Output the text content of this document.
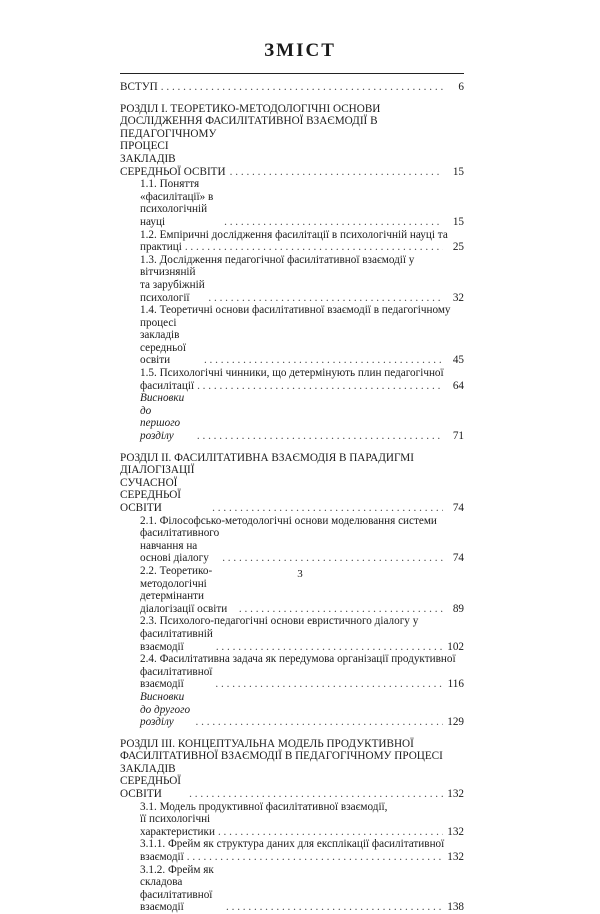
ЗМІСТ
ВСТУП . . .	6
РОЗДІЛ І. ТЕОРЕТИКО-МЕТОДОЛОГІЧНІ ОСНОВИ
ДОСЛІДЖЕННЯ ФАСИЛІТАТИВНОЇ ВЗАЄМОДІЇ В
ПЕДАГОГІЧНОМУ ПРОЦЕСІ ЗАКЛАДІВ СЕРЕДНЬОЇ ОСВІТИ . . .	15
1.1. Поняття «фасилітації» в психологічній науці . . .	15
1.2. Емпіричні дослідження фасилітації в психологічній науці та
практиці . . .	25
1.3. Дослідження педагогічної фасилітативної взаємодії у
вітчизняній та зарубіжній психології . . .	32
1.4. Теоретичні основи фасилітативної взаємодії в педагогічному
процесі закладів середньої освіти . . .	45
1.5. Психологічні чинники, що детермінують плин педагогічної
фасилітації . . .	64
Висновки до першого розділу . . .	71
РОЗДІЛ ІІ. ФАСИЛІТАТИВНА ВЗАЄМОДІЯ В ПАРАДИГМІ
ДІАЛОГІЗАЦІЇ СУЧАСНОЇ СЕРЕДНЬОЇ ОСВІТИ . . .	74
2.1. Філософсько-методологічні основи моделювання системи
фасилітативного навчання на основі діалогу . . .	74
2.2. Теоретико-методологічні детермінанти діалогізації освіти . . .	89
2.3. Психолого-педагогічні основи евристичного діалогу у
фасилітативній взаємодії . . .	102
2.4. Фасилітативна задача як передумова організації продуктивної
фасилітативної взаємодії . . .	116
Висновки до другого розділу . . .	129
РОЗДІЛ ІІІ. КОНЦЕПТУАЛЬНА МОДЕЛЬ ПРОДУКТИВНОЇ
ФАСИЛІТАТИВНОЇ ВЗАЄМОДІЇ В ПЕДАГОГІЧНОМУ ПРОЦЕСІ
ЗАКЛАДІВ СЕРЕДНЬОЇ ОСВІТИ . . .	132
3.1. Модель продуктивної фасилітативної взаємодії,
її психологічні характеристики . . .	132
3.1.1. Фрейм як структура даних для експлікації фасилітативної
взаємодії . . .	132
3.1.2. Фрейм як складова фасилітативної взаємодії . . .	138
3
